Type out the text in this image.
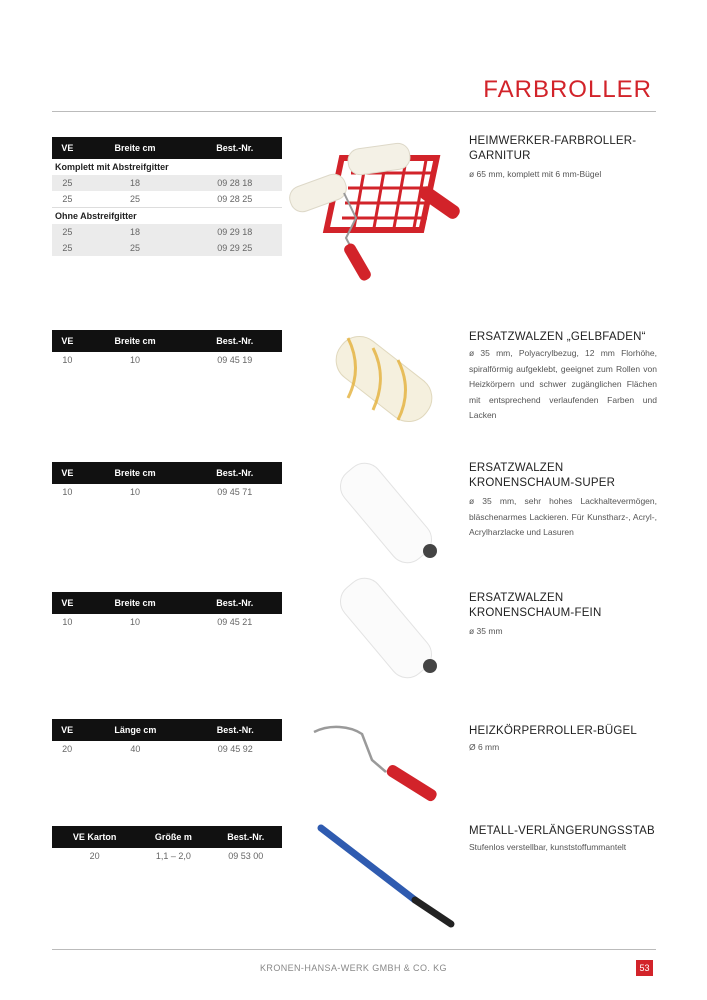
FARBROLLER
VE	Breite cm	Best.-Nr.
Komplett mit Abstreifgitter		
25	18	09 28 18
25	25	09 28 25
Ohne Abstreifgitter		
25	18	09 29 18
25	25	09 29 25
HEIMWERKER-FARBROLLER-GARNITUR
ø 65 mm, komplett mit 6 mm-Bügel
VE	Breite cm	Best.-Nr.
10	10	09 45 19
ERSATZWALZEN „GELBFADEN“
ø 35 mm, Polyacrylbezug, 12 mm Florhöhe, spiralförmig aufgeklebt, geeignet zum Rollen von Heizkörpern und schwer zugänglichen Flächen mit entsprechend verlaufenden Farben und Lacken
VE	Breite cm	Best.-Nr.
10	10	09 45 71
ERSATZWALZEN KRONENSCHAUM-SUPER
ø 35 mm, sehr hohes Lackhaltevermögen, bläschenarmes Lackieren. Für Kunstharz-, Acryl-, Acrylharzlacke und Lasuren
VE	Breite cm	Best.-Nr.
10	10	09 45 21
ERSATZWALZEN KRONENSCHAUM-FEIN
ø 35 mm
VE	Länge cm	Best.-Nr.
20	40	09 45 92
HEIZKÖRPERROLLER-BÜGEL
Ø 6 mm
VE Karton	Größe m	Best.-Nr.
20	1,1 – 2,0	09 53 00
METALL-VERLÄNGERUNGSSTAB
Stufenlos verstellbar, kunststoffummantelt
KRONEN-HANSA-WERK GMBH & CO. KG	53
